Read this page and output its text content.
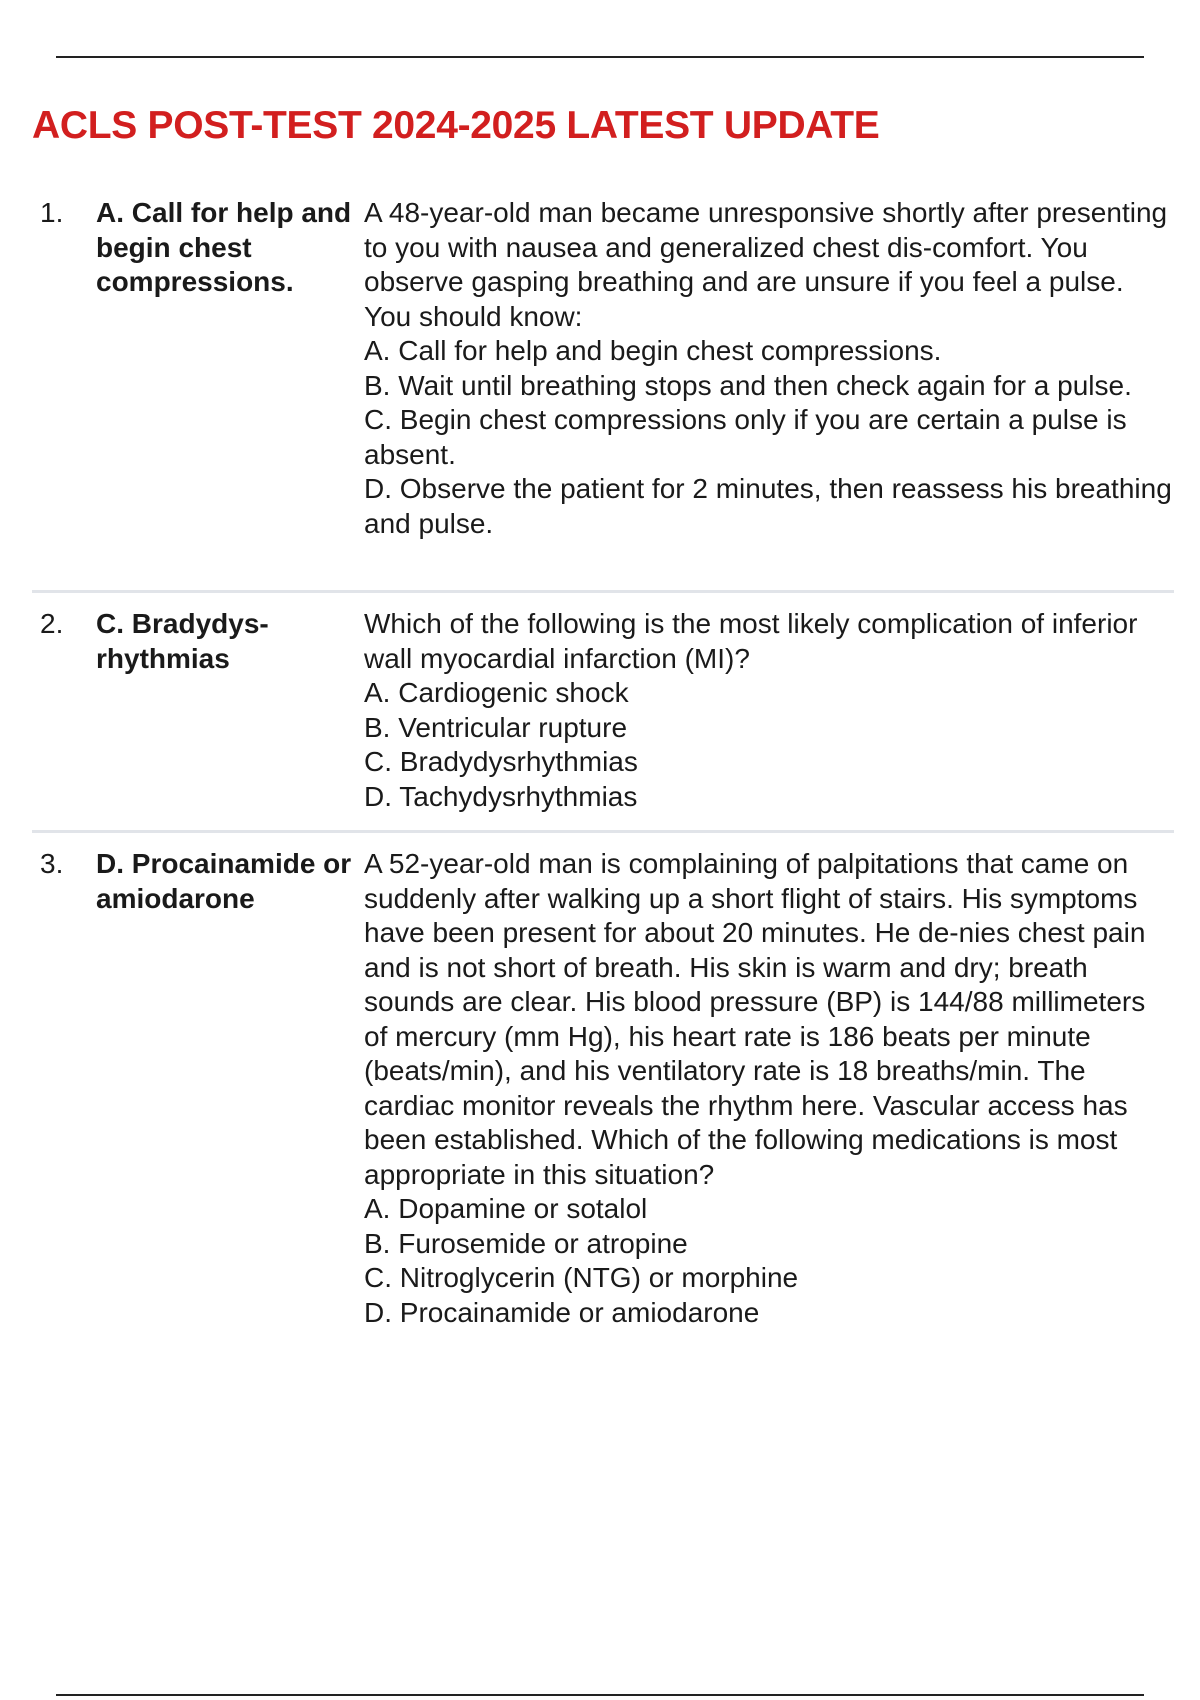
ACLS POST-TEST 2024-2025 LATEST UPDATE
1.	A. Call for help and begin chest compressions.

A 48-year-old man became unresponsive shortly after presenting to you with nausea and generalized chest dis-comfort. You observe gasping breathing and are unsure if you feel a pulse. You should know:

A. Call for help and begin chest compressions.

B. Wait until breathing stops and then check again for a pulse.

C. Begin chest compressions only if you are certain a pulse is absent.

D. Observe the patient for 2 minutes, then reassess his breathing and pulse.

2.	C. Bradydys-rhythmias

Which of the following is the most likely complication of inferior wall myocardial infarction (MI)?

A. Cardiogenic shock

B. Ventricular rupture

C. Bradydysrhythmias

D. Tachydysrhythmias

3.	D. Procainamide or amiodarone

A 52-year-old man is complaining of palpitations that came on suddenly after walking up a short flight of stairs. His symptoms have been present for about 20 minutes. He de-nies chest pain and is not short of breath. His skin is warm and dry; breath sounds are clear. His blood pressure (BP) is 144/88 millimeters of mercury (mm Hg), his heart rate is 186 beats per minute (beats/min), and his ventilatory rate is 18 breaths/min. The cardiac monitor reveals the rhythm here. Vascular access has been established. Which of the following medications is most appropriate in this situation?

A. Dopamine or sotalol

B. Furosemide or atropine

C. Nitroglycerin (NTG) or morphine

D. Procainamide or amiodarone
